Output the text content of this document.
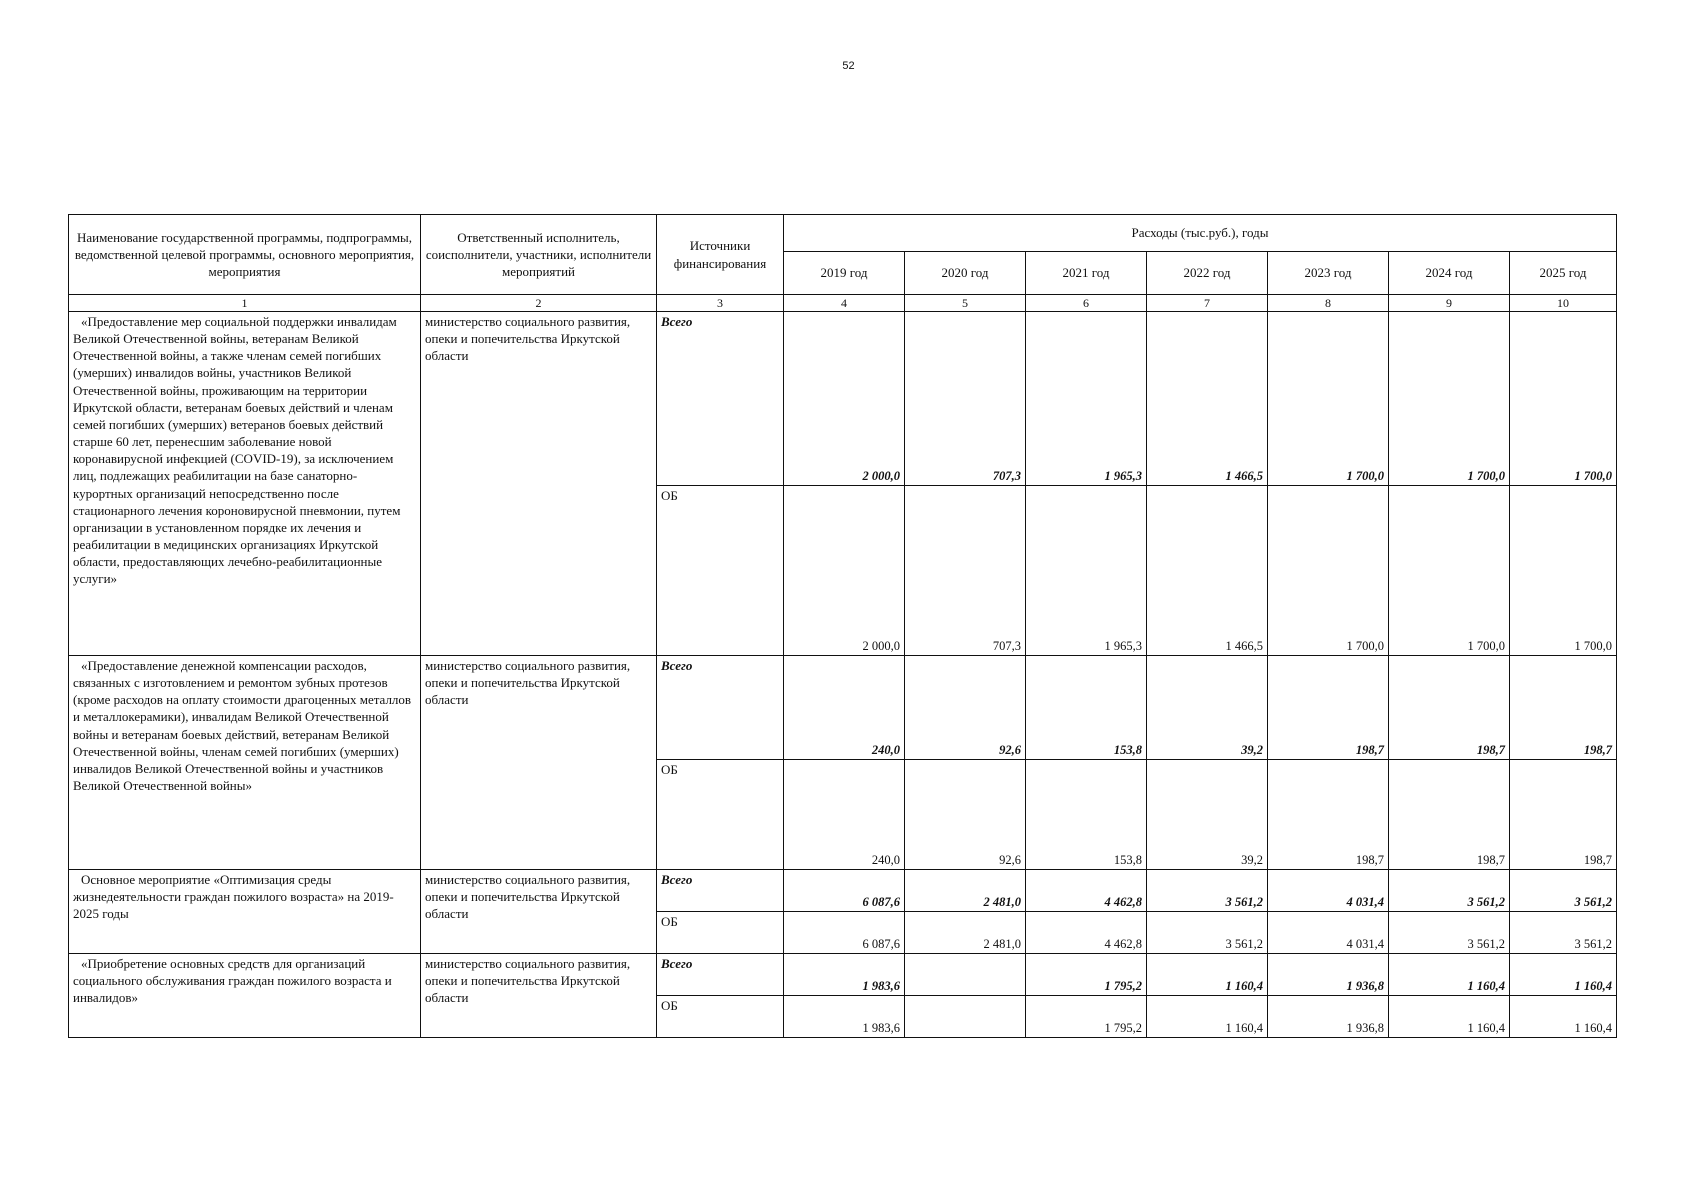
52
Наименование государственной программы, подпрограммы, ведомственной целевой программы, основного мероприятия, мероприятия	Ответственный исполнитель, соисполнители, участники, исполнители мероприятий	Источники финансирования	Расходы (тыс.руб.), годы						
			2019 год	2020 год	2021 год	2022 год	2023 год	2024 год	2025 год
1	2	3	4	5	6	7	8	9	10
«Предоставление мер социальной поддержки инвалидам Великой Отечественной войны, ветеранам Великой Отечественной войны, а также членам семей погибших (умерших) инвалидов войны, участников Великой Отечественной войны, проживающим на территории Иркутской области, ветеранам боевых действий и членам семей погибших (умерших) ветеранов боевых действий старше 60 лет, перенесшим заболевание новой коронавирусной инфекцией (COVID-19), за исключением лиц, подлежащих реабилитации на базе санаторно-курортных организаций непосредственно после стационарного лечения короновирусной пневмонии, путем организации в установленном порядке их лечения и реабилитации в медицинских организациях Иркутской области, предоставляющих лечебно-реабилитационные услуги»	министерство социального развития, опеки и попечительства Иркутской области	Всего	2 000,0	707,3	1 965,3	1 466,5	1 700,0	1 700,0	1 700,0
		ОБ	2 000,0	707,3	1 965,3	1 466,5	1 700,0	1 700,0	1 700,0
«Предоставление денежной компенсации расходов, связанных с изготовлением и ремонтом зубных протезов (кроме расходов на оплату стоимости драгоценных металлов и металлокерамики), инвалидам Великой Отечественной войны и ветеранам боевых действий, ветеранам Великой Отечественной войны, членам семей погибших (умерших) инвалидов Великой Отечественной войны и участников Великой Отечественной войны»	министерство социального развития, опеки и попечительства Иркутской области	Всего	240,0	92,6	153,8	39,2	198,7	198,7	198,7
		ОБ	240,0	92,6	153,8	39,2	198,7	198,7	198,7
Основное мероприятие «Оптимизация среды жизнедеятельности граждан пожилого возраста» на 2019-2025 годы	министерство социального развития, опеки и попечительства Иркутской области	Всего	6 087,6	2 481,0	4 462,8	3 561,2	4 031,4	3 561,2	3 561,2
		ОБ	6 087,6	2 481,0	4 462,8	3 561,2	4 031,4	3 561,2	3 561,2
«Приобретение основных средств для организаций социального обслуживания граждан пожилого возраста и инвалидов»	министерство социального развития, опеки и попечительства Иркутской области	Всего	1 983,6		1 795,2	1 160,4	1 936,8	1 160,4	1 160,4
		ОБ	1 983,6		1 795,2	1 160,4	1 936,8	1 160,4	1 160,4
